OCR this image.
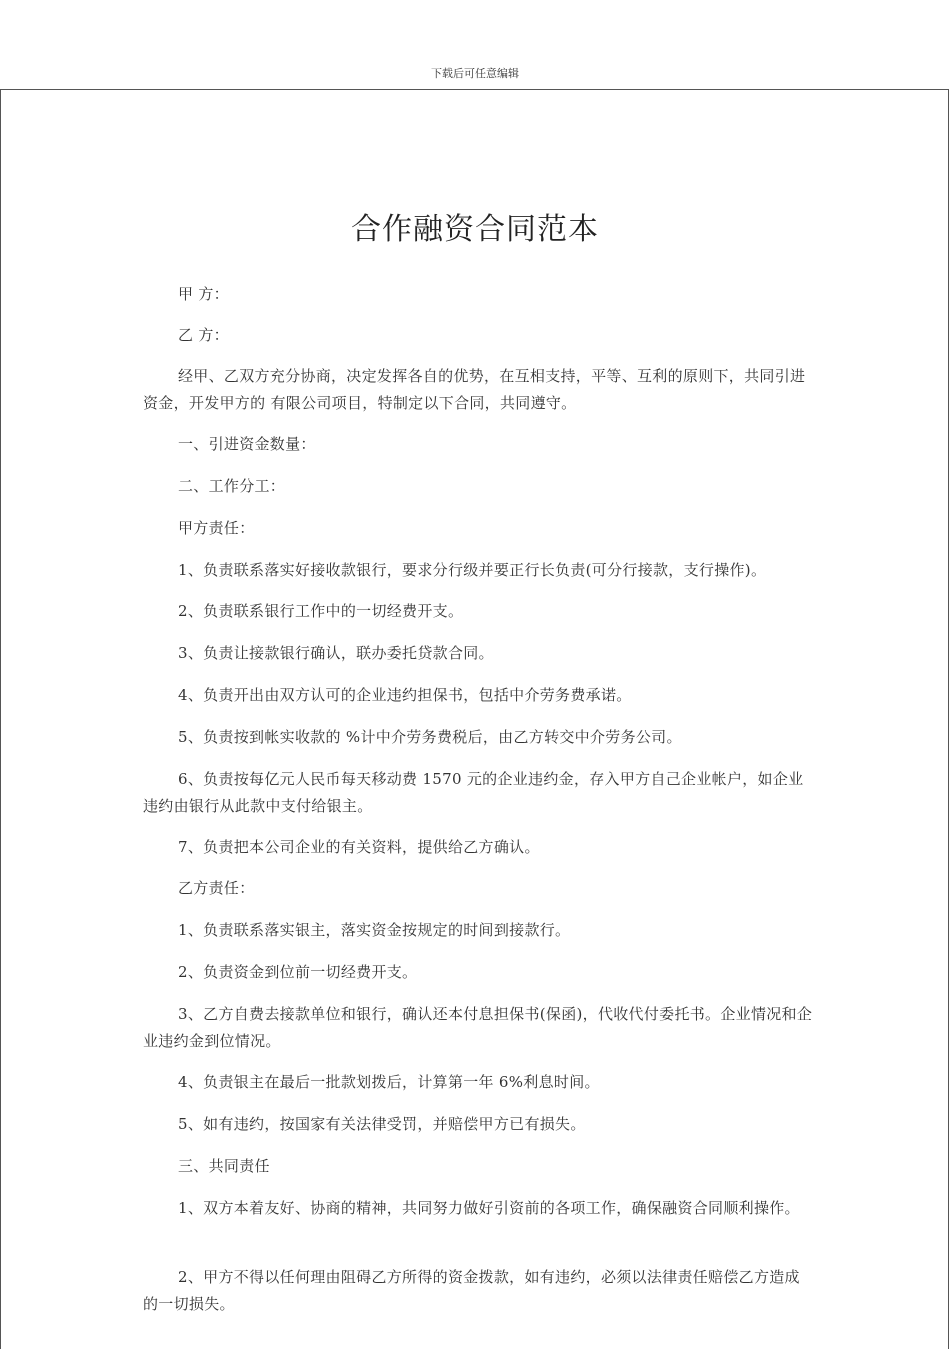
下载后可任意编辑
合作融资合同范本

甲 方：

乙 方：

经甲、乙双方充分协商，决定发挥各自的优势，在互相支持，平等、互利的原则下，共同引进资金，开发甲方的 有限公司项目，特制定以下合同，共同遵守。

一、引进资金数量：

二、工作分工：

甲方责任：

1、负责联系落实好接收款银行，要求分行级并要正行长负责(可分行接款，支行操作)。

2、负责联系银行工作中的一切经费开支。

3、负责让接款银行确认，联办委托贷款合同。

4、负责开出由双方认可的企业违约担保书，包括中介劳务费承诺。

5、负责按到帐实收款的 %计中介劳务费税后，由乙方转交中介劳务公司。

6、负责按每亿元人民币每天移动费 1570 元的企业违约金，存入甲方自己企业帐户，如企业违约由银行从此款中支付给银主。

7、负责把本公司企业的有关资料，提供给乙方确认。

乙方责任：

1、负责联系落实银主，落实资金按规定的时间到接款行。

2、负责资金到位前一切经费开支。

3、乙方自费去接款单位和银行，确认还本付息担保书(保函)，代收代付委托书。企业情况和企业违约金到位情况。

4、负责银主在最后一批款划拨后，计算第一年 6%利息时间。

5、如有违约，按国家有关法律受罚，并赔偿甲方已有损失。

三、共同责任

1、双方本着友好、协商的精神，共同努力做好引资前的各项工作，确保融资合同顺利操作。

2、甲方不得以任何理由阻碍乙方所得的资金拨款，如有违约，必须以法律责任赔偿乙方造成的一切损失。
